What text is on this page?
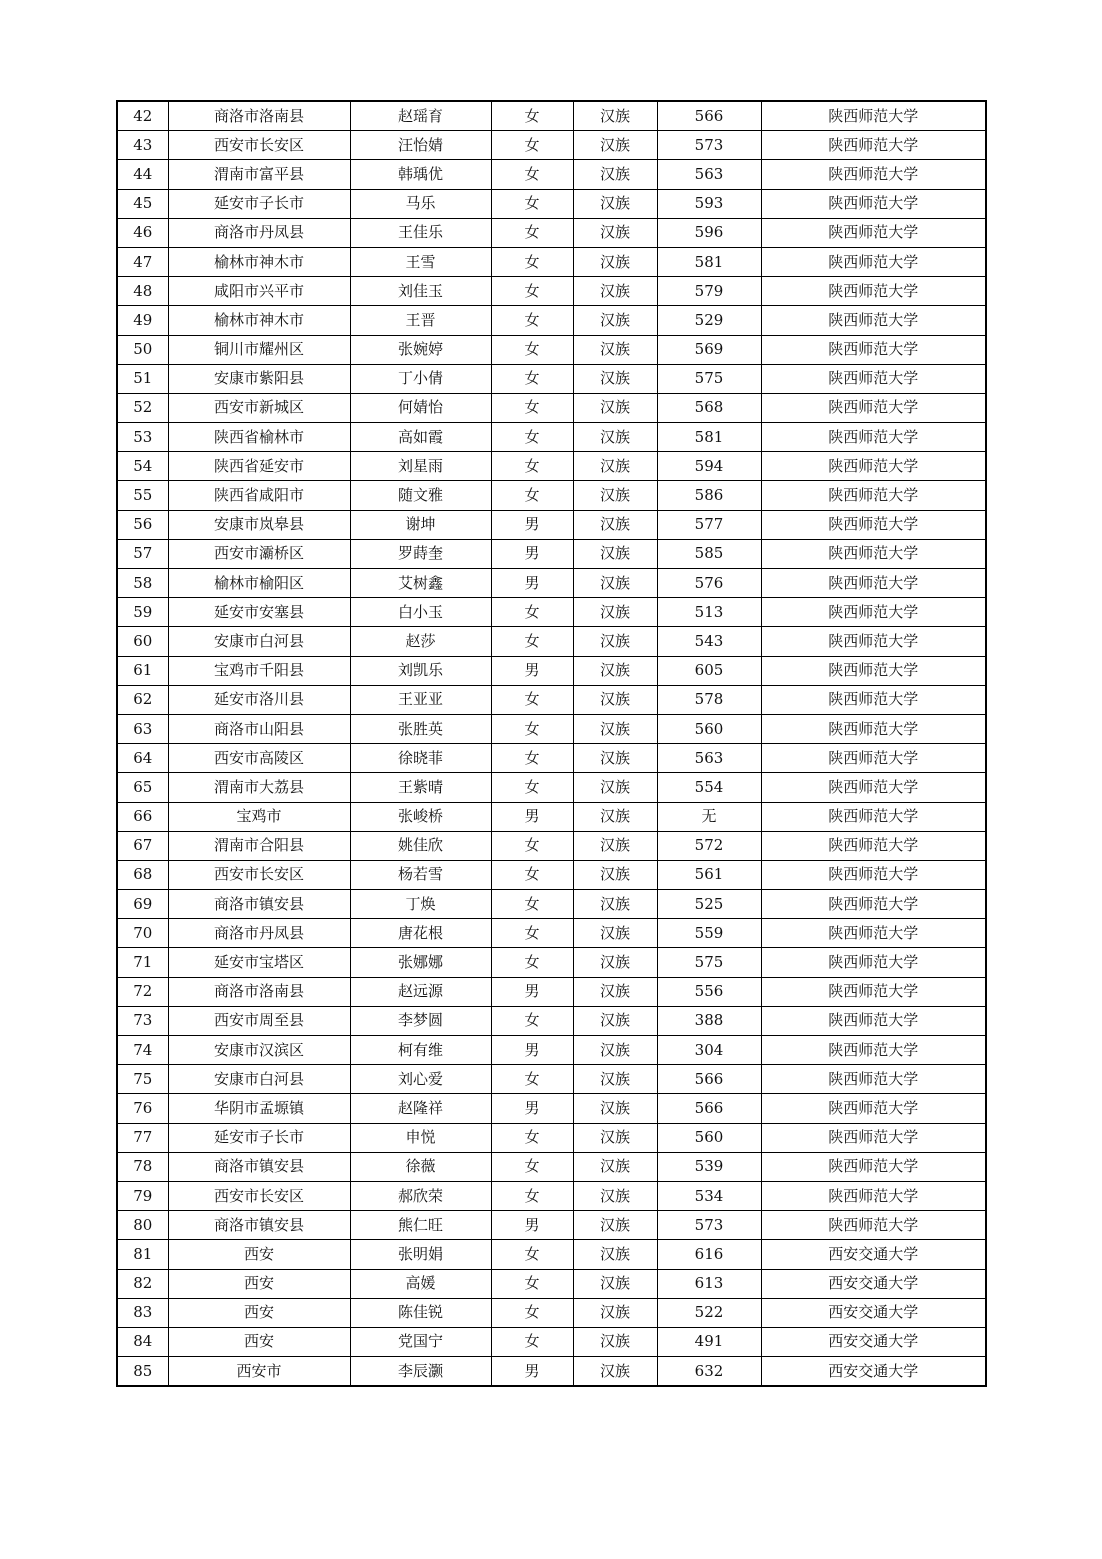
42	商洛市洛南县	赵瑶育	女	汉族	566	陕西师范大学
43	西安市长安区	汪怡婧	女	汉族	573	陕西师范大学
44	渭南市富平县	韩瑀优	女	汉族	563	陕西师范大学
45	延安市子长市	马乐	女	汉族	593	陕西师范大学
46	商洛市丹凤县	王佳乐	女	汉族	596	陕西师范大学
47	榆林市神木市	王雪	女	汉族	581	陕西师范大学
48	咸阳市兴平市	刘佳玉	女	汉族	579	陕西师范大学
49	榆林市神木市	王晋	女	汉族	529	陕西师范大学
50	铜川市耀州区	张婉婷	女	汉族	569	陕西师范大学
51	安康市紫阳县	丁小倩	女	汉族	575	陕西师范大学
52	西安市新城区	何婧怡	女	汉族	568	陕西师范大学
53	陕西省榆林市	高如霞	女	汉族	581	陕西师范大学
54	陕西省延安市	刘星雨	女	汉族	594	陕西师范大学
55	陕西省咸阳市	随文雅	女	汉族	586	陕西师范大学
56	安康市岚皋县	谢坤	男	汉族	577	陕西师范大学
57	西安市灞桥区	罗蒔奎	男	汉族	585	陕西师范大学
58	榆林市榆阳区	艾树鑫	男	汉族	576	陕西师范大学
59	延安市安塞县	白小玉	女	汉族	513	陕西师范大学
60	安康市白河县	赵莎	女	汉族	543	陕西师范大学
61	宝鸡市千阳县	刘凯乐	男	汉族	605	陕西师范大学
62	延安市洛川县	王亚亚	女	汉族	578	陕西师范大学
63	商洛市山阳县	张胜英	女	汉族	560	陕西师范大学
64	西安市高陵区	徐晓菲	女	汉族	563	陕西师范大学
65	渭南市大荔县	王紫晴	女	汉族	554	陕西师范大学
66	宝鸡市	张峻桥	男	汉族	无	陕西师范大学
67	渭南市合阳县	姚佳欣	女	汉族	572	陕西师范大学
68	西安市长安区	杨若雪	女	汉族	561	陕西师范大学
69	商洛市镇安县	丁焕	女	汉族	525	陕西师范大学
70	商洛市丹凤县	唐花根	女	汉族	559	陕西师范大学
71	延安市宝塔区	张娜娜	女	汉族	575	陕西师范大学
72	商洛市洛南县	赵远源	男	汉族	556	陕西师范大学
73	西安市周至县	李梦圆	女	汉族	388	陕西师范大学
74	安康市汉滨区	柯有维	男	汉族	304	陕西师范大学
75	安康市白河县	刘心爱	女	汉族	566	陕西师范大学
76	华阴市孟塬镇	赵隆祥	男	汉族	566	陕西师范大学
77	延安市子长市	申悦	女	汉族	560	陕西师范大学
78	商洛市镇安县	徐薇	女	汉族	539	陕西师范大学
79	西安市长安区	郝欣荣	女	汉族	534	陕西师范大学
80	商洛市镇安县	熊仁旺	男	汉族	573	陕西师范大学
81	西安	张明娟	女	汉族	616	西安交通大学
82	西安	高媛	女	汉族	613	西安交通大学
83	西安	陈佳锐	女	汉族	522	西安交通大学
84	西安	党国宁	女	汉族	491	西安交通大学
85	西安市	李辰灏	男	汉族	632	西安交通大学
